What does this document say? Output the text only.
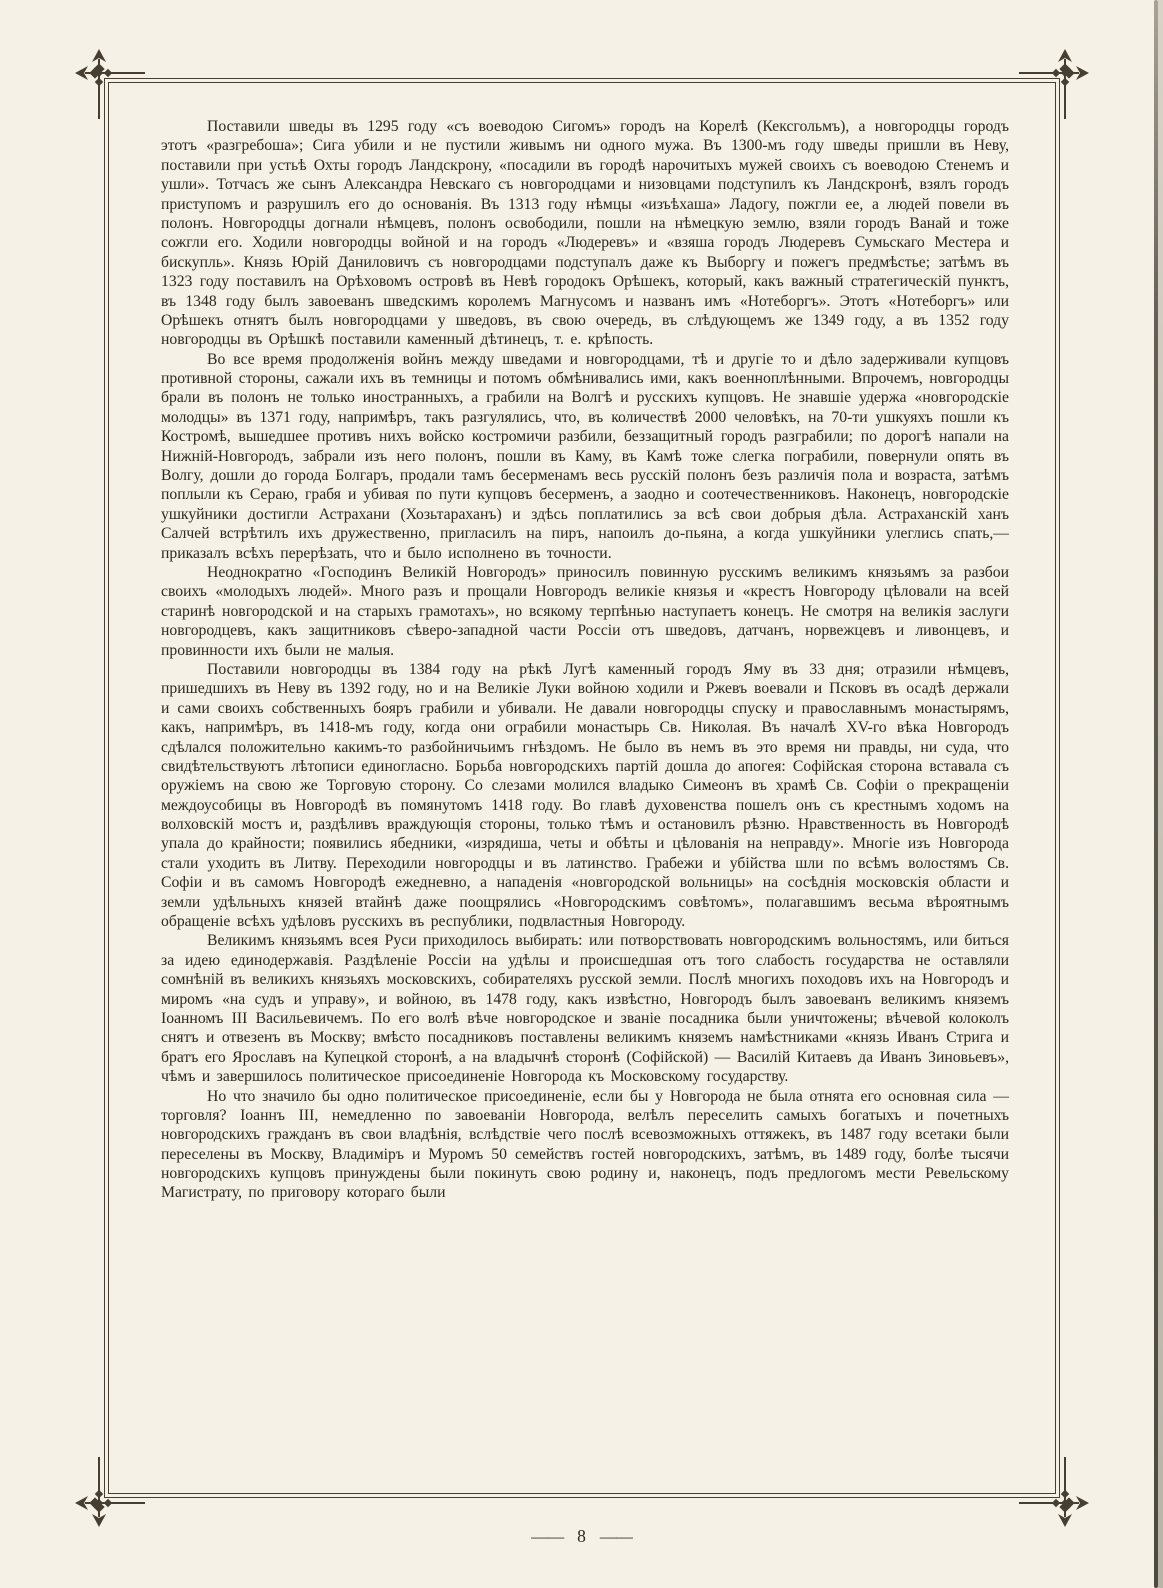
Поставили шведы въ 1295 году «съ воеводою Сигомъ» городъ на Корелѣ (Кексгольмъ), а новгородцы городъ этотъ «разгребоша»; Сига убили и не пустили живымъ ни одного мужа. Въ 1300-мъ году шведы пришли въ Неву, поставили при устьѣ Охты городъ Ландскрону, «посадили въ городѣ нарочитыхъ мужей своихъ съ воеводою Стенемъ и ушли». Тотчасъ же сынъ Александра Невскаго съ новгородцами и низовцами подступилъ къ Ландскронѣ, взялъ городъ приступомъ и разрушилъ его до основанія. Въ 1313 году нѣмцы «изъѣхаша» Ладогу, пожгли ее, а людей повели въ полонъ. Новгородцы догнали нѣмцевъ, полонъ освободили, пошли на нѣмецкую землю, взяли городъ Ванай и тоже сожгли его. Ходили новгородцы войной и на городъ «Людеревъ» и «взяша городъ Людеревъ Сумьскаго Местера и бискупль». Князь Юрій Даниловичъ съ новгородцами подступалъ даже къ Выборгу и пожегъ предмѣстье; затѣмъ въ 1323 году поставилъ на Орѣховомъ островѣ въ Невѣ городокъ Орѣшекъ, который, какъ важный стратегическій пунктъ, въ 1348 году былъ завоеванъ шведскимъ королемъ Магнусомъ и названъ имъ «Нотеборгъ». Этотъ «Нотеборгъ» или Орѣшекъ отнятъ былъ новгородцами у шведовъ, въ свою очередь, въ слѣдующемъ же 1349 году, а въ 1352 году новгородцы въ Орѣшкѣ поставили каменный дѣтинецъ, т. е. крѣпость.

Во все время продолженія войнъ между шведами и новгородцами, тѣ и другіе то и дѣло задерживали купцовъ противной стороны, сажали ихъ въ темницы и потомъ обмѣнивались ими, какъ военноплѣнными. Впрочемъ, новгородцы брали въ полонъ не только иностранныхъ, а грабили на Волгѣ и русскихъ купцовъ. Не знавшіе удержа «новгородскіе молодцы» въ 1371 году, напримѣръ, такъ разгулялись, что, въ количествѣ 2000 человѣкъ, на 70-ти ушкуяхъ пошли къ Костромѣ, вышедшее противъ нихъ войско костромичи разбили, беззащитный городъ разграбили; по дорогѣ напали на Нижній-Новгородъ, забрали изъ него полонъ, пошли въ Каму, въ Камѣ тоже слегка пограбили, повернули опять въ Волгу, дошли до города Болгаръ, продали тамъ бесерменамъ весь русскій полонъ безъ различія пола и возраста, затѣмъ поплыли къ Сераю, грабя и убивая по пути купцовъ бесерменъ, а заодно и соотечественниковъ. Наконецъ, новгородскіе ушкуйники достигли Астрахани (Хозьтараханъ) и здѣсь поплатились за всѣ свои добрыя дѣла. Астраханскій ханъ Салчей встрѣтилъ ихъ дружественно, пригласилъ на пиръ, напоилъ до-пьяна, а когда ушкуйники улеглись спать,—приказалъ всѣхъ перерѣзать, что и было исполнено въ точности.

Неоднократно «Господинъ Великій Новгородъ» приносилъ повинную русскимъ великимъ князьямъ за разбои своихъ «молодыхъ людей». Много разъ и прощали Новгородъ великіе князья и «крестъ Новгороду цѣловали на всей старинѣ новгородской и на старыхъ грамотахъ», но всякому терпѣнью наступаетъ конецъ. Не смотря на великія заслуги новгородцевъ, какъ защитниковъ сѣверо-западной части Россіи отъ шведовъ, датчанъ, норвежцевъ и ливонцевъ, и провинности ихъ были не малыя.

Поставили новгородцы въ 1384 году на рѣкѣ Лугѣ каменный городъ Яму въ 33 дня; отразили нѣмцевъ, пришедшихъ въ Неву въ 1392 году, но и на Великіе Луки войною ходили и Ржевъ воевали и Псковъ въ осадѣ держали и сами своихъ собственныхъ бояръ грабили и убивали. Не давали новгородцы спуску и православнымъ монастырямъ, какъ, напримѣръ, въ 1418-мъ году, когда они ограбили монастырь Св. Николая. Въ началѣ XV-го вѣка Новгородъ сдѣлался положительно какимъ-то разбойничьимъ гнѣздомъ. Не было въ немъ въ это время ни правды, ни суда, что свидѣтельствуютъ лѣтописи единогласно. Борьба новгородскихъ партій дошла до апогея: Софійская сторона вставала съ оружіемъ на свою же Торговую сторону. Со слезами молился владыко Симеонъ въ храмѣ Св. Софіи о прекращеніи междоусобицы въ Новгородѣ въ помянутомъ 1418 году. Во главѣ духовенства пошелъ онъ съ крестнымъ ходомъ на волховскій мостъ и, раздѣливъ враждующія стороны, только тѣмъ и остановилъ рѣзню. Нравственность въ Новгородѣ упала до крайности; появились ябедники, «изрядиша, четы и обѣты и цѣлованія на неправду». Многіе изъ Новгорода стали уходить въ Литву. Переходили новгородцы и въ латинство. Грабежи и убійства шли по всѣмъ волостямъ Св. Софіи и въ самомъ Новгородѣ ежедневно, а нападенія «новгородской вольницы» на сосѣднія московскія области и земли удѣльныхъ князей втайнѣ даже поощрялись «Новгородскимъ совѣтомъ», полагавшимъ весьма вѣроятнымъ обращеніе всѣхъ удѣловъ русскихъ въ республики, подвластныя Новгороду.

Великимъ князьямъ всея Руси приходилось выбирать: или потворствовать новгородскимъ вольностямъ, или биться за идею единодержавія. Раздѣленіе Россіи на удѣлы и происшедшая отъ того слабость государства не оставляли сомнѣній въ великихъ князьяхъ московскихъ, собирателяхъ русской земли. Послѣ многихъ походовъ ихъ на Новгородъ и миромъ «на судъ и управу», и войною, въ 1478 году, какъ извѣстно, Новгородъ былъ завоеванъ великимъ княземъ Іоанномъ III Васильевичемъ. По его волѣ вѣче новгородское и званіе посадника были уничтожены; вѣчевой колоколъ снятъ и отвезенъ въ Москву; вмѣсто посадниковъ поставлены великимъ княземъ намѣстниками «князь Иванъ Стрига и братъ его Ярославъ на Купецкой сторонѣ, а на владычнѣ сторонѣ (Софійской) — Василій Китаевъ да Иванъ Зиновьевъ», чѣмъ и завершилось политическое присоединеніе Новгорода къ Московскому государству.

Но что значило бы одно политическое присоединеніе, если бы у Новгорода не была отнята его основная сила — торговля? Іоаннъ III, немедленно по завоеваніи Новгорода, велѣлъ переселить самыхъ богатыхъ и почетныхъ новгородскихъ гражданъ въ свои владѣнія, вслѣдствіе чего послѣ всевозможныхъ оттяжекъ, въ 1487 году всетаки были переселены въ Москву, Владиміръ и Муромъ 50 семействъ гостей новгородскихъ, затѣмъ, въ 1489 году, болѣе тысячи новгородскихъ купцовъ принуждены были покинуть свою родину и, наконецъ, подъ предлогомъ мести Ревельскому Магистрату, по приговору котораго были

—— 8 ——
